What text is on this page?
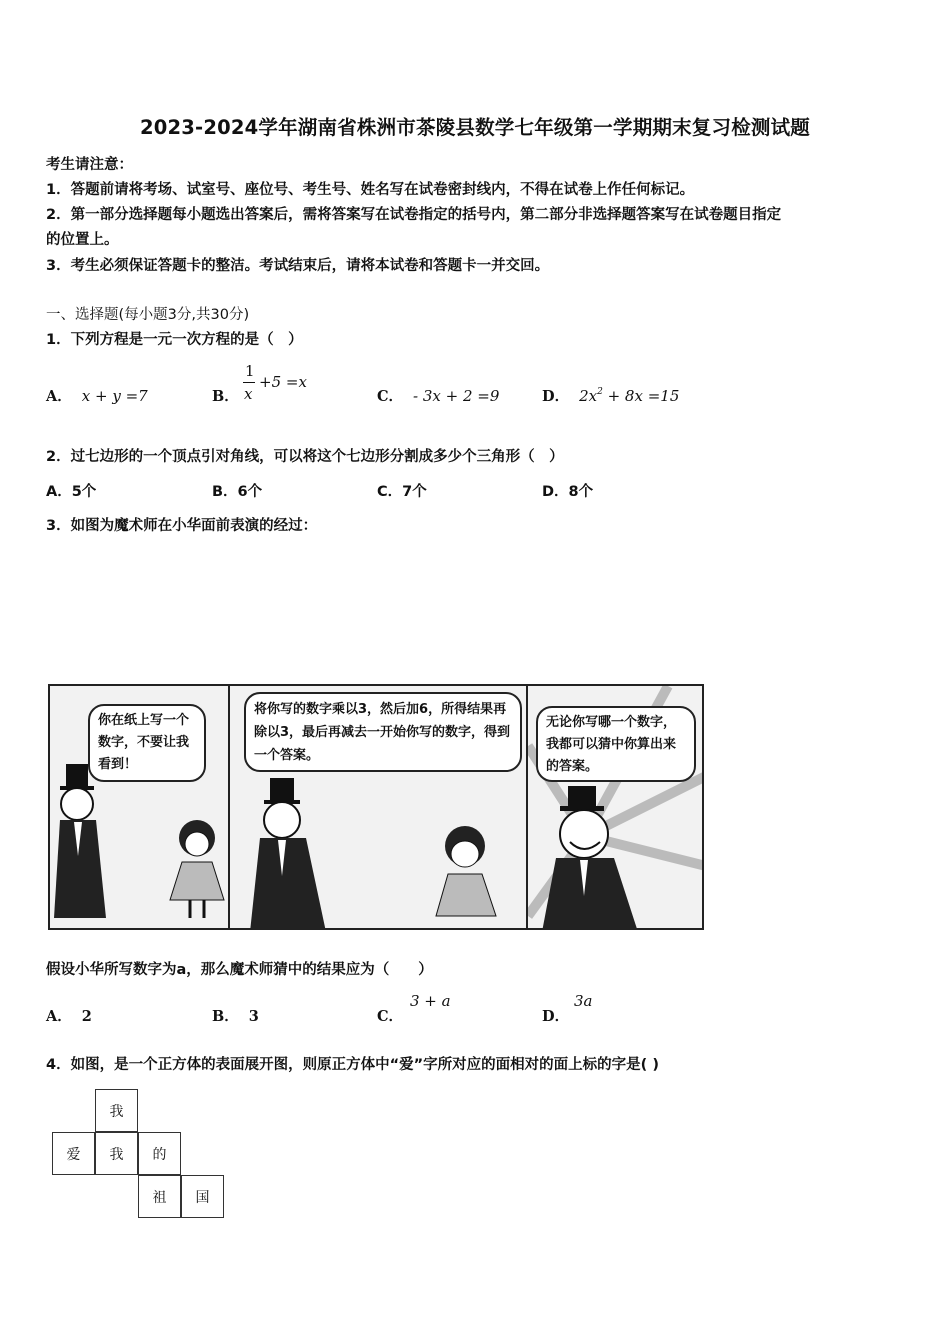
2023-2024学年湖南省株洲市茶陵县数学七年级第一学期期末复习检测试题
考生请注意：
1．答题前请将考场、试室号、座位号、考生号、姓名写在试卷密封线内，不得在试卷上作任何标记。
2．第一部分选择题每小题选出答案后，需将答案写在试卷指定的括号内，第二部分非选择题答案写在试卷题目指定
的位置上。
3．考生必须保证答题卡的整洁。考试结束后，请将本试卷和答题卡一并交回。
一、选择题(每小题3分,共30分)
1．下列方程是一元一次方程的是（　）
A． x + y =7	B．
1
x
+5 =x
C． - 3x + 2 =9	D． $2x^2 + 8x =15$
2．过七边形的一个顶点引对角线，可以将这个七边形分割成多少个三角形（　）
A．5个	B．6个	C．7个	D．8个
3．如图为魔术师在小华面前表演的经过：
你在纸上写一个数字，不要让我看到！
将你写的数字乘以3，然后加6，所得结果再除以3，最后再减去一开始你写的数字，得到一个答案。
无论你写哪一个数字，我都可以猜中你算出来的答案。
假设小华所写数字为a，那么魔术师猜中的结果应为（　　）
A． 2	B． 3	C．
3 + a
D．
3a
4．如图，是一个正方体的表面展开图，则原正方体中“爱”字所对应的面相对的面上标的字是( )
我
爱	我	的
祖	国
